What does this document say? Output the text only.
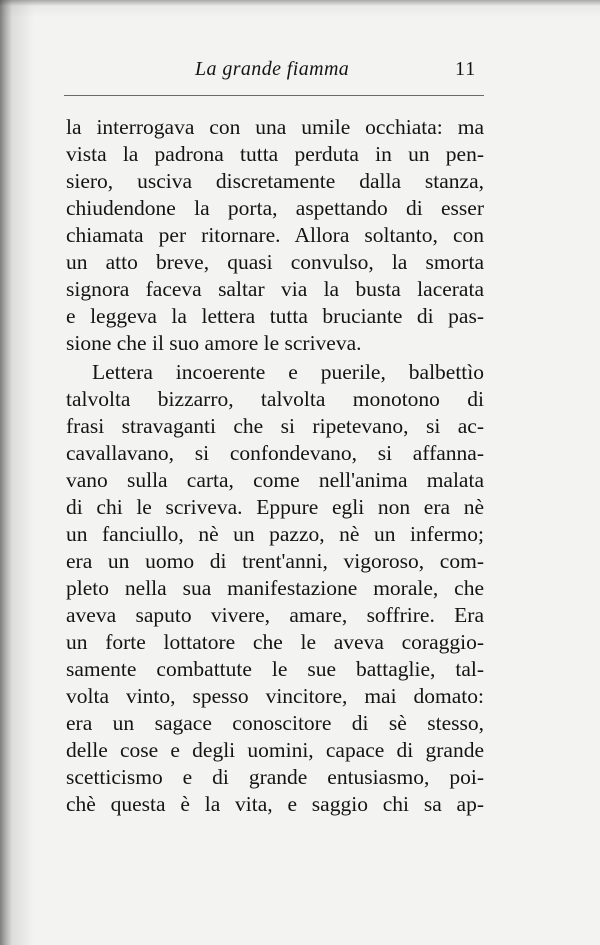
La grande fiamma	11
la interrogava con una umile occhiata: ma
vista la padrona tutta perduta in un pen-
siero, usciva discretamente dalla stanza,
chiudendone la porta, aspettando di esser
chiamata per ritornare. Allora soltanto, con
un atto breve, quasi convulso, la smorta
signora faceva saltar via la busta lacerata
e leggeva la lettera tutta bruciante di pas-
sione che il suo amore le scriveva.
Lettera incoerente e puerile, balbettìo
talvolta bizzarro, talvolta monotono di
frasi stravaganti che si ripetevano, si ac-
cavallavano, si confondevano, si affanna-
vano sulla carta, come nell'anima malata
di chi le scriveva. Eppure egli non era nè
un fanciullo, nè un pazzo, nè un infermo;
era un uomo di trent'anni, vigoroso, com-
pleto nella sua manifestazione morale, che
aveva saputo vivere, amare, soffrire. Era
un forte lottatore che le aveva coraggio-
samente combattute le sue battaglie, tal-
volta vinto, spesso vincitore, mai domato:
era un sagace conoscitore di sè stesso,
delle cose e degli uomini, capace di grande
scetticismo e di grande entusiasmo, poi-
chè questa è la vita, e saggio chi sa ap-
